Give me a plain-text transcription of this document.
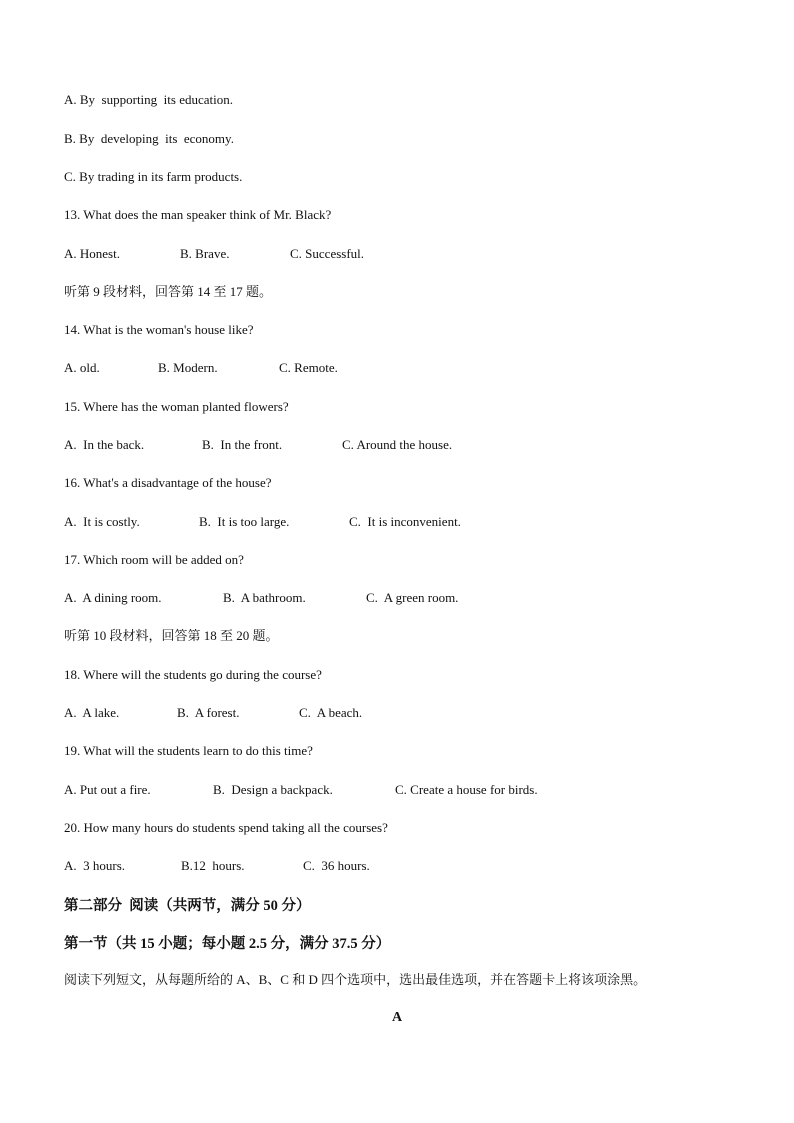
A. By  supporting  its education.
B. By  developing  its  economy.
C. By trading in its farm products.
13. What does the man speaker think of Mr. Black?
A. Honest.	B. Brave.	C. Successful.
听第 9 段材料，回答第 14 至 17 题。
14. What is the woman's house like?
A. old.	B. Modern.	C. Remote.
15. Where has the woman planted flowers?
A.  In the back.	B.  In the front.	C. Around the house.
16. What's a disadvantage of the house?
A.  It is costly.	B.  It is too large.	C.  It is inconvenient.
17. Which room will be added on?
A.  A dining room.	B.  A bathroom.	C.  A green room.
听第 10 段材料，回答第 18 至 20 题。
18. Where will the students go during the course?
A.  A lake.	B.  A forest.	C.  A beach.
19. What will the students learn to do this time?
A. Put out a fire.	B.  Design a backpack.	C. Create a house for birds.
20. How many hours do students spend taking all the courses?
A.  3 hours.	B.12  hours.	C.  36 hours.
第二部分  阅读（共两节，满分 50 分）
第一节（共 15 小题；每小题 2.5 分，满分 37.5 分）
阅读下列短文，从每题所给的 A、B、C 和 D 四个选项中，选出最佳选项，并在答题卡上将该项涂黑。
A
